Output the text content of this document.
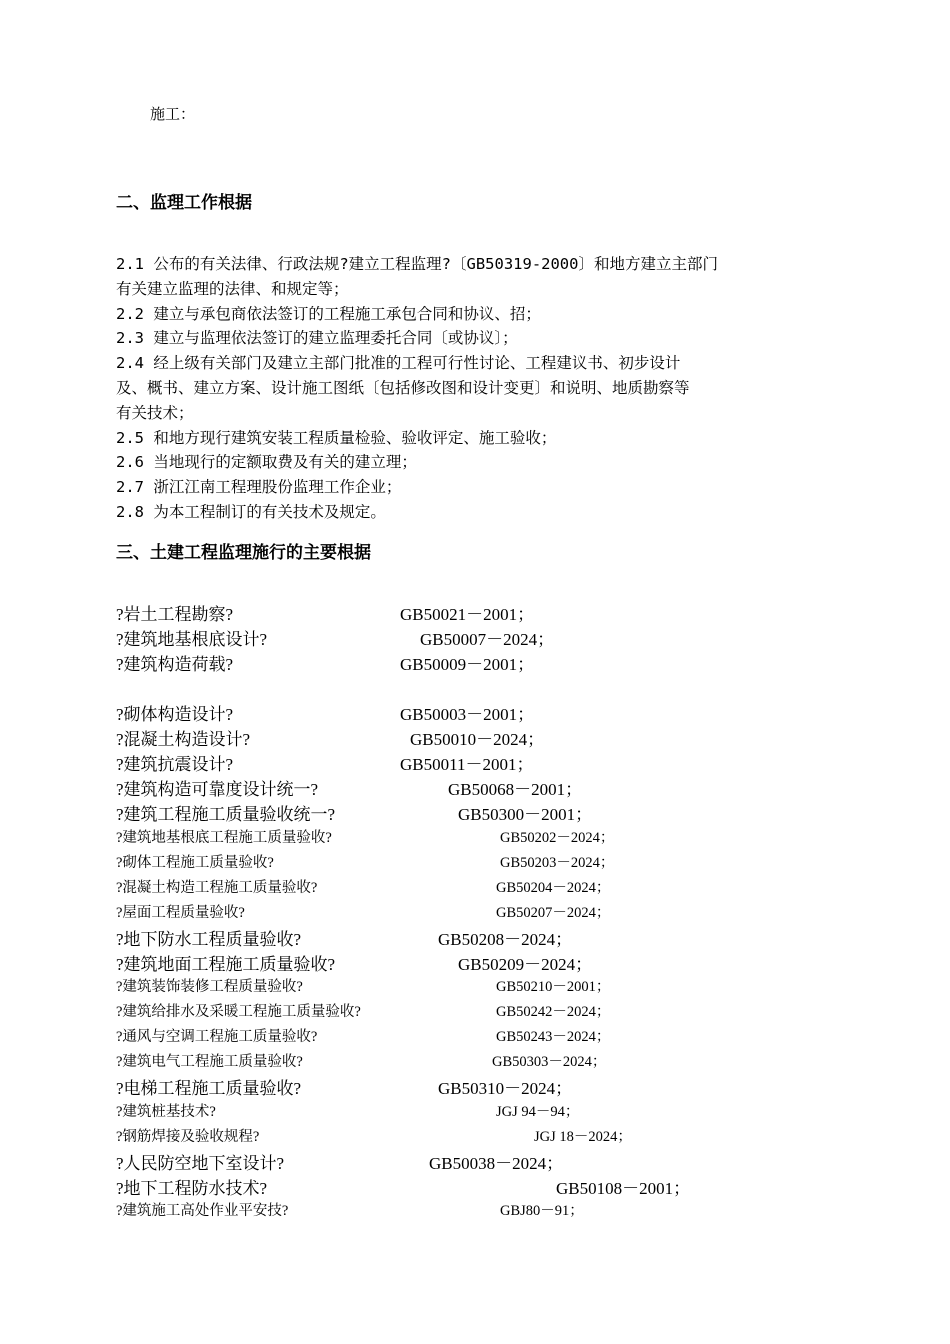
施工：
二、监理工作根据
2.1 公布的有关法律、行政法规?建立工程监理?〔GB50319-2000〕和地方建立主部门
有关建立监理的法律、和规定等；
2.2 建立与承包商依法签订的工程施工承包合同和协议、招；
2.3 建立与监理依法签订的建立监理委托合同〔或协议〕；
2.4 经上级有关部门及建立主部门批准的工程可行性讨论、工程建议书、初步设计
及、概书、建立方案、设计施工图纸〔包括修改图和设计变更〕和说明、地质勘察等
有关技术；
2.5 和地方现行建筑安装工程质量检验、验收评定、施工验收；
2.6 当地现行的定额取费及有关的建立理；
2.7 浙江江南工程理股份监理工作企业；
2.8 为本工程制订的有关技术及规定。
三、土建工程监理施行的主要根据
?岩土工程勘察?	GB50021－2001；
?建筑地基根底设计?	GB50007－2024；
?建筑构造荷载?	GB50009－2001；
?砌体构造设计?	GB50003－2001；
?混凝土构造设计?	GB50010－2024；
?建筑抗震设计?	GB50011－2001；
?建筑构造可靠度设计统一?	GB50068－2001；
?建筑工程施工质量验收统一?	GB50300－2001；
?建筑地基根底工程施工质量验收?	GB50202－2024；
?砌体工程施工质量验收?	GB50203－2024；
?混凝土构造工程施工质量验收?	GB50204－2024；
?屋面工程质量验收?	GB50207－2024；
?地下防水工程质量验收?	GB50208－2024；
?建筑地面工程施工质量验收?	GB50209－2024；
?建筑装饰装修工程质量验收?	GB50210－2001；
?建筑给排水及采暖工程施工质量验收?	GB50242－2024；
?通风与空调工程施工质量验收?	GB50243－2024；
?建筑电气工程施工质量验收?	GB50303－2024；
?电梯工程施工质量验收?	GB50310－2024；
?建筑桩基技术?	JGJ 94－94；
?钢筋焊接及验收规程?	JGJ 18－2024；
?人民防空地下室设计?	GB50038－2024；
?地下工程防水技术?	GB50108－2001；
?建筑施工高处作业平安技?	GBJ80－91；
